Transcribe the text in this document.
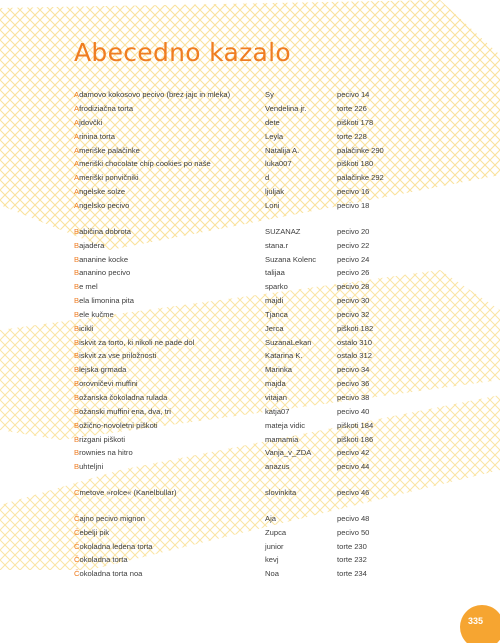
Abecedno kazalo
Adamovo kokosovo pecivo (brez jajc in mleka)	Sy	pecivo 14
Afrodiziačna torta	Vendelina jr.	torte 226
Ajdovčki	dete	piškoti 178
Arinina torta	Leyla	torte 228
Ameriške palačinke	Natalija A.	palačinke 290
Ameriški chocolate chip cookies po naše	luka007	piškoti 180
Ameriški ponvičniki	d	palačinke 292
Angelske solze	ljuljak	pecivo 16
Angelsko pecivo	Loni	pecivo 18
Babičina dobrota	SUZANAZ	pecivo 20
Bajadera	stana.r	pecivo 22
Bananine kocke	Suzana Kolenc	pecivo 24
Bananino pecivo	talijaa	pecivo 26
Be mel	sparko	pecivo 28
Bela limonina pita	majdi	pecivo 30
Bele kučme	Tjanca	pecivo 32
Bicikli	Jerca	piškoti 182
Biskvit za torto, ki nikoli ne pade dol	SuzanaLekan	ostalo 310
Biskvit za vse priložnosti	Katarina K.	ostalo 312
Blejska grmada	Marinka	pecivo 34
Borovničevi muffini	majda	pecivo 36
Božanska čokoladna rulada	vitajan	pecivo 38
Božanski muffini ena, dva, tri	katja07	pecivo 40
Božično-novoletni piškoti	mateja vidic	piškoti 184
Brizgani piškoti	mamamia	piškoti 186
Brownies na hitro	Vanja_v_ZDA	pecivo 42
Buhteljni	anazus	pecivo 44
Cmetove »rolce« (Kanelbullar)	slovinkita	pecivo 46
Čajno pecivo mignon	Aja	pecivo 48
Čebelji pik	Zupca	pecivo 50
Čokoladna ledena torta	junior	torte 230
Čokoladna torta	kevj	torte 232
Čokoladna torta noa	Noa	torte 234
335
